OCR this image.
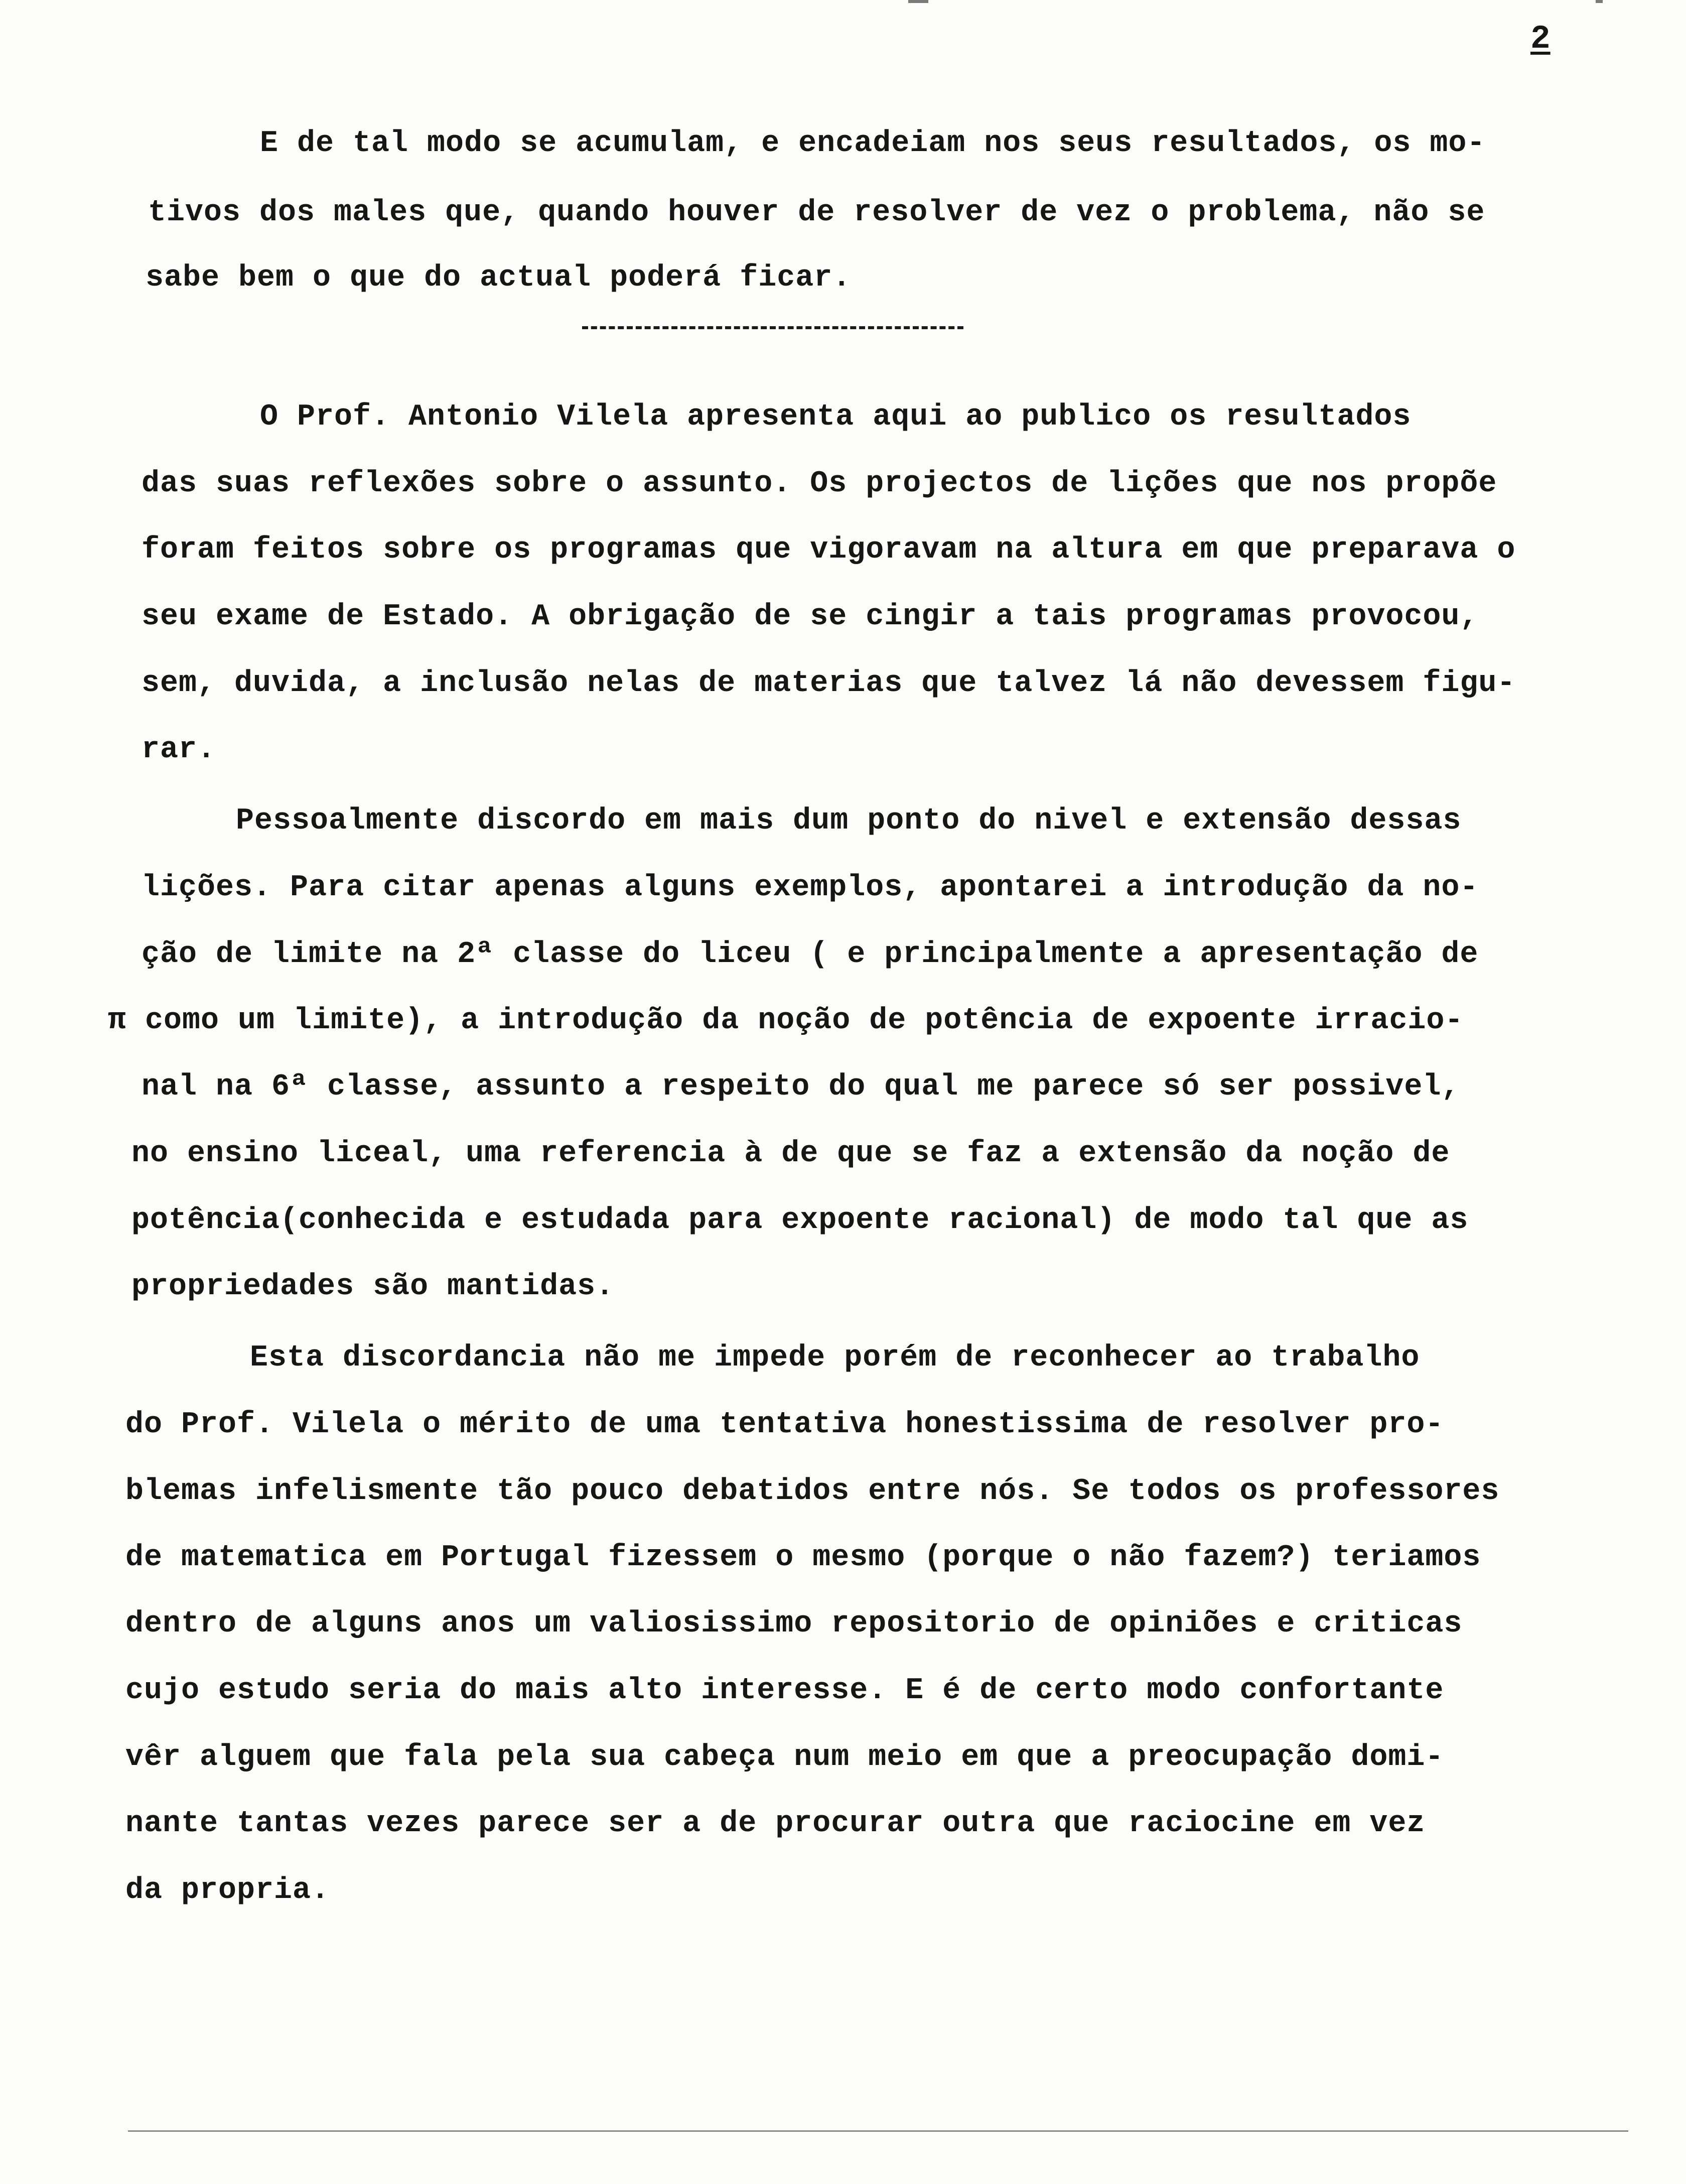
2
E de tal modo se acumulam, e encadeiam nos seus resultados, os mo-
tivos dos males que, quando houver de resolver de vez o problema, não se
sabe bem o que do actual poderá ficar.
O Prof. Antonio Vilela apresenta aqui ao publico os resultados
das suas reflexões sobre o assunto. Os projectos de lições que nos propõe
foram feitos sobre os programas que vigoravam na altura em que preparava o
seu exame de Estado. A obrigação de se cingir a tais programas provocou,
sem, duvida, a inclusão nelas de materias que talvez lá não devessem figu-
rar.
Pessoalmente discordo em mais dum ponto do nivel e extensão dessas
lições. Para citar apenas alguns exemplos, apontarei a introdução da no-
ção de limite na 2ª classe do liceu ( e principalmente a apresentação de
π como um limite), a introdução da noção de potência de expoente irracio-
nal na 6ª classe, assunto a respeito do qual me parece só ser possivel,
no ensino liceal, uma referencia à de que se faz a extensão da noção de
potência(conhecida e estudada para expoente racional) de modo tal que as
propriedades são mantidas.
Esta discordancia não me impede porém de reconhecer ao trabalho
do Prof. Vilela o mérito de uma tentativa honestissima de resolver pro-
blemas infelismente tão pouco debatidos entre nós. Se todos os professores
de matematica em Portugal fizessem o mesmo (porque o não fazem?) teriamos
dentro de alguns anos um valiosissimo repositorio de opiniões e criticas
cujo estudo seria do mais alto interesse. E é de certo modo confortante
vêr alguem que fala pela sua cabeça num meio em que a preocupação domi-
nante tantas vezes parece ser a de procurar outra que raciocine em vez
da propria.
